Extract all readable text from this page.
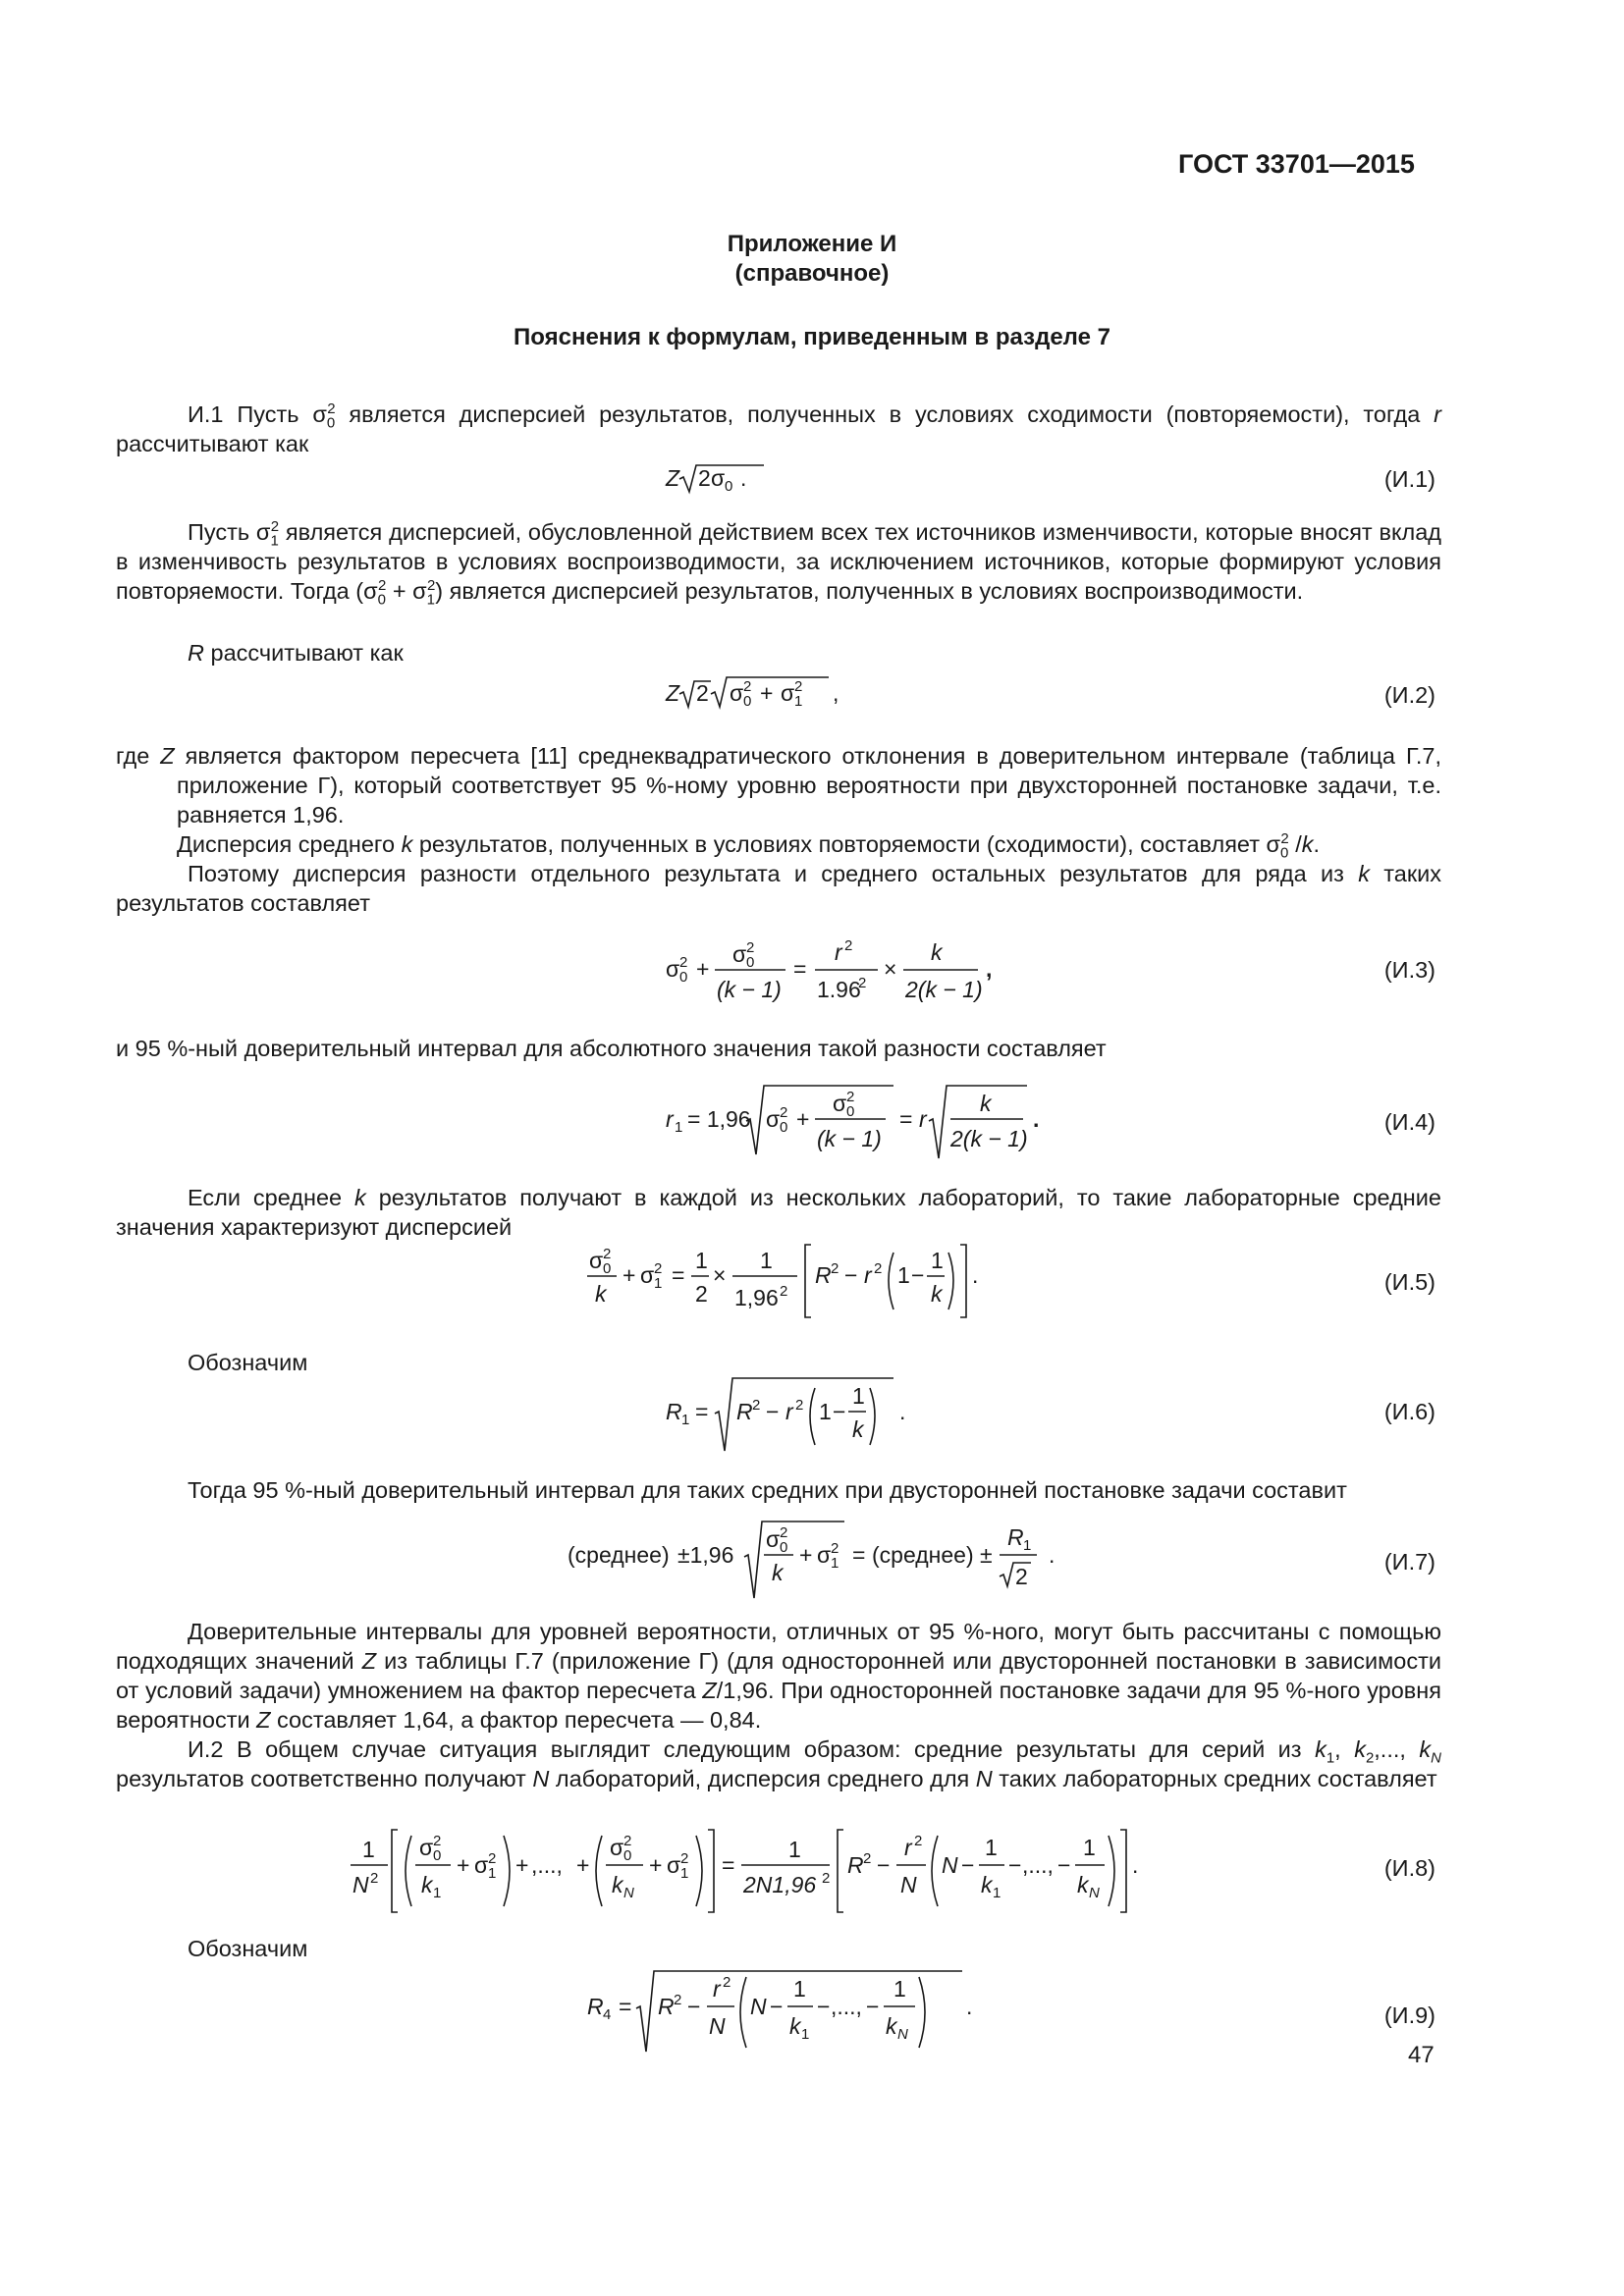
ГОСТ 33701—2015
Приложение И
(справочное)
Пояснения к формулам, приведенным в разделе 7

И.1 Пусть $\sigma_0^2$ является дисперсией результатов, полученных в условиях сходимости (повторяемости), тогда r рассчитывают как

Z 2 σ 0 .	(И.1)

Пусть $\sigma_1^2$ является дисперсией, обусловленной действием всех тех источников изменчивости, которые вносят вклад в изменчивость результатов в условиях воспроизводимости, за исключением источников, которые формируют условия повторяемости. Тогда $(\sigma_0^2 + \sigma_1^2)$ является дисперсией результатов, полученных в условиях воспроизводимости.

R рассчитывают как

Z 2 σ 0
2 + σ 1
2 ,	(И.2)

где Z является фактором пересчета [11] среднеквадратического отклонения в доверительном интервале (таблица Г.7, приложение Г), который соответствует 95 %-ному уровню вероятности при двухсторонней постановке задачи, т.е. равняется 1,96.

Дисперсия среднего k результатов, полученных в условиях повторяемости (сходимости), составляет $\sigma_0^2$ /k.

Поэтому дисперсия разности отдельного результата и среднего остальных результатов для ряда из k таких результатов составляет

σ 0
2 +
σ 0
2
(k − 1)
=
r 2
1.96
2
×
k
2(k − 1)
,	(И.3)

и 95 %-ный доверительный интервал для абсолютного значения такой разности составляет

r 1 = 1,96 σ 0
2 +
σ 0
2
(k − 1)
= r
k
2(k − 1)
.	(И.4)

Если среднее k результатов получают в каждой из нескольких лабораторий, то такие лабораторные средние значения характеризуют дисперсией

σ 0
2
k
+ σ 1
2 =
1
2
×
1
1,96 2
R 2 − r 2 1 −
1
k
.	(И.5)

Обозначим

R 1 = R 2 − r 2 1 −
1
k
.	(И.6)

Тогда 95 %-ный доверительный интервал для таких средних при двусторонней постановке задачи составит

(среднее) ±1,96
σ 0
2
k
+ σ 1
2 = (среднее) ±
R 1
2
.	(И.7)

Доверительные интервалы для уровней вероятности, отличных от 95 %-ного, могут быть рассчитаны с помощью подходящих значений Z из таблицы Г.7 (приложение Г) (для односторонней или двусторонней постановки в зависимости от условий задачи) умножением на фактор пересчета Z/1,96. При односторонней постановке задачи для 95 %-ного уровня вероятности Z составляет 1,64, а фактор пересчета — 0,84.

И.2 В общем случае ситуация выглядит следующим образом: средние результаты для серий из $k_1$, $k_2$,..., $k_N$ результатов соответственно получают N лабораторий, дисперсия среднего для N таких лабораторных средних составляет

1
N 2
σ 0
2
k 1
+ σ 1
2 + ,..., +
σ 0
2
k N
+ σ 1
2 =
1
2N1,96 2
R 2 −
r 2
N
N −
1
k 1
− ,..., −
1
k N
.	(И.8)

Обозначим

R 4 = R 2 −
r 2
N
N −
1
k 1
− ,..., −
1
k N
.	(И.9)
47
